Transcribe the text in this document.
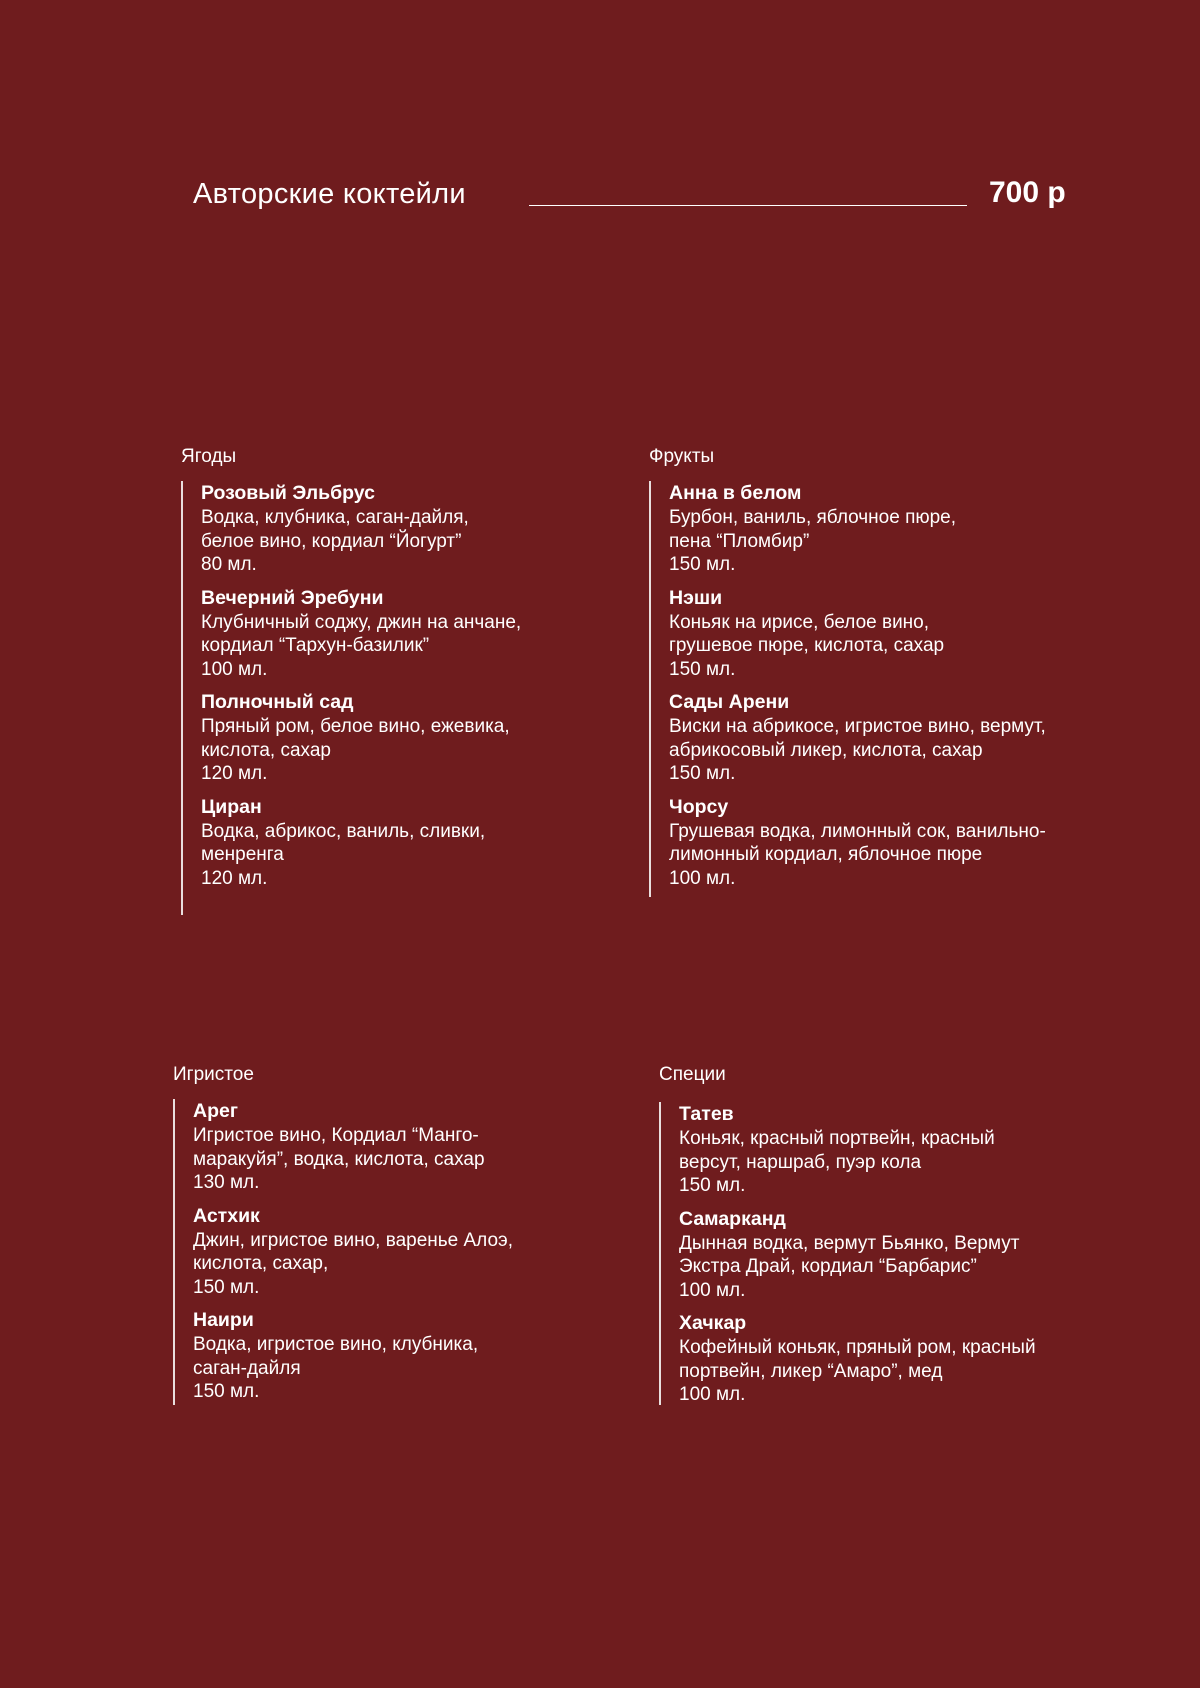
Авторские коктейли	700 р
Ягоды
Розовый Эльбрус
Водка, клубника, саган-дайля,
белое вино, кордиал “Йогурт”
80 мл.
Вечерний Эребуни
Клубничный соджу, джин на анчане,
кордиал “Тархун-базилик”
100 мл.
Полночный сад
Пряный ром, белое вино, ежевика,
кислота, сахар
120 мл.
Циран
Водка, абрикос, ваниль, сливки,
менренга
120 мл.
Фрукты
Анна в белом
Бурбон, ваниль, яблочное пюре,
пена “Пломбир”
150 мл.
Нэши
Коньяк на ирисе, белое вино,
грушевое пюре, кислота, сахар
150 мл.
Сады Арени
Виски на абрикосе, игристое вино, вермут,
абрикосовый ликер, кислота, сахар
150 мл.
Чорсу
Грушевая водка, лимонный сок, ванильно-
лимонный кордиал, яблочное пюре
100 мл.
Игристое
Арег
Игристое вино, Кордиал “Манго-
маракуйя”, водка, кислота, сахар
130 мл.
Астхик
Джин, игристое вино, варенье Алоэ,
кислота, сахар,
150 мл.
Наири
Водка, игристое вино, клубника,
саган-дайля
150 мл.
Специи
Татев
Коньяк, красный портвейн, красный
версут, наршраб, пуэр кола
150 мл.
Самарканд
Дынная водка, вермут Бьянко, Вермут
Экстра Драй, кордиал “Барбарис”
100 мл.
Хачкар
Кофейный коньяк, пряный ром, красный
портвейн, ликер “Амаро”, мед
100 мл.
